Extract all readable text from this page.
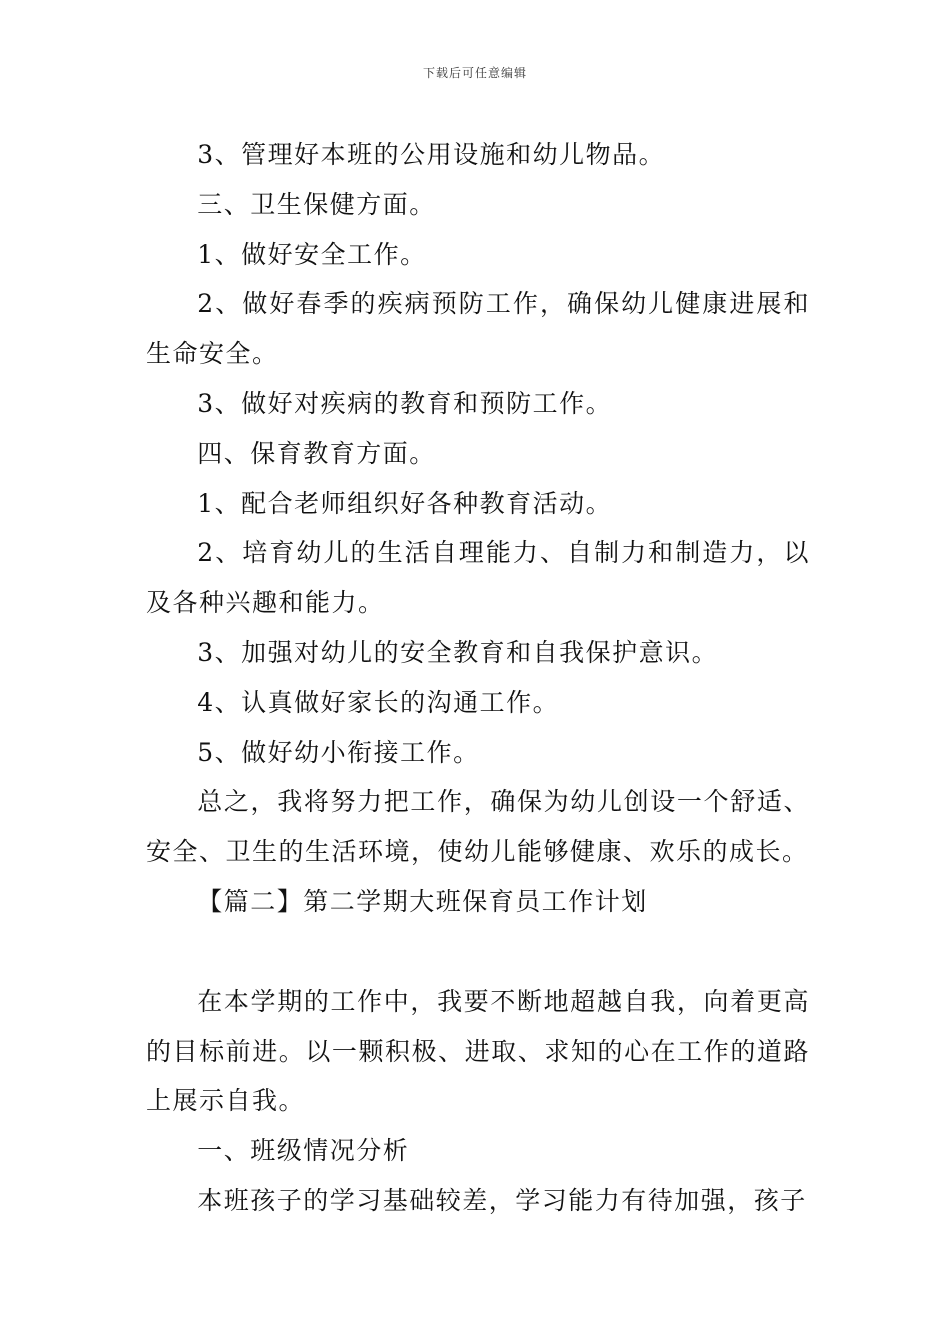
下载后可任意编辑

3、管理好本班的公用设施和幼儿物品。

三、卫生保健方面。

1、做好安全工作。

2、做好春季的疾病预防工作，确保幼儿健康进展和生命安全。

3、做好对疾病的教育和预防工作。

四、保育教育方面。

1、配合老师组织好各种教育活动。

2、培育幼儿的生活自理能力、自制力和制造力，以及各种兴趣和能力。

3、加强对幼儿的安全教育和自我保护意识。

4、认真做好家长的沟通工作。

5、做好幼小衔接工作。

总之，我将努力把工作，确保为幼儿创设一个舒适、安全、卫生的生活环境，使幼儿能够健康、欢乐的成长。

【篇二】第二学期大班保育员工作计划

在本学期的工作中，我要不断地超越自我，向着更高的目标前进。以一颗积极、进取、求知的心在工作的道路上展示自我。

一、班级情况分析

本班孩子的学习基础较差，学习能力有待加强，孩子
